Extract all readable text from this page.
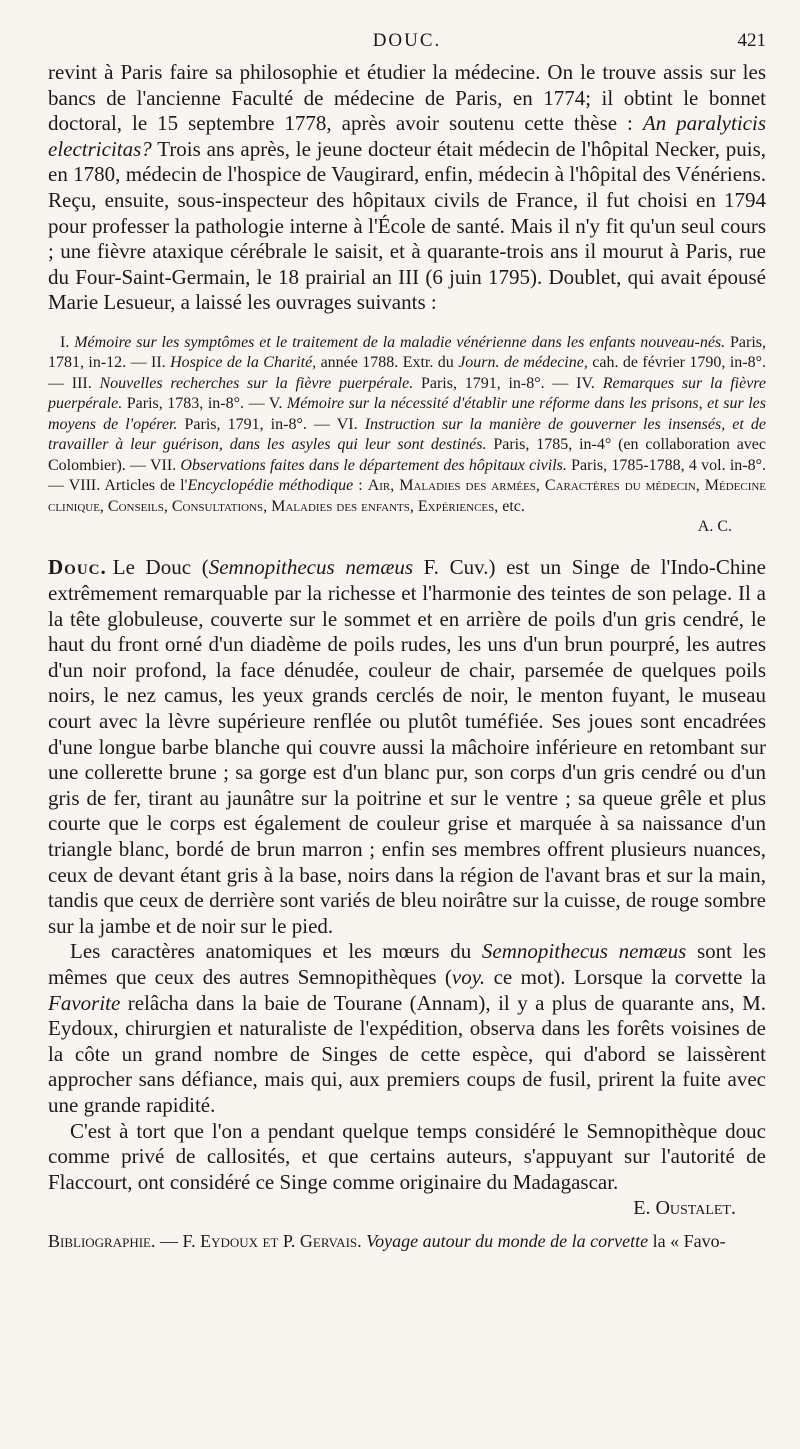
DOUC.	421

revint à Paris faire sa philosophie et étudier la médecine. On le trouve assis sur les bancs de l'ancienne Faculté de médecine de Paris, en 1774; il obtint le bonnet doctoral, le 15 septembre 1778, après avoir soutenu cette thèse : An paralyticis electricitas? Trois ans après, le jeune docteur était médecin de l'hôpital Necker, puis, en 1780, médecin de l'hospice de Vaugirard, enfin, médecin à l'hôpital des Vénériens. Reçu, ensuite, sous-inspecteur des hôpitaux civils de France, il fut choisi en 1794 pour professer la pathologie interne à l'École de santé. Mais il n'y fit qu'un seul cours ; une fièvre ataxique cérébrale le saisit, et à quarante-trois ans il mourut à Paris, rue du Four-Saint-Germain, le 18 prairial an III (6 juin 1795). Doublet, qui avait épousé Marie Lesueur, a laissé les ouvrages suivants :

I. Mémoire sur les symptômes et le traitement de la maladie vénérienne dans les enfants nouveau-nés. Paris, 1781, in-12. — II. Hospice de la Charité, année 1788. Extr. du Journ. de médecine, cah. de février 1790, in-8°. — III. Nouvelles recherches sur la fièvre puerpérale. Paris, 1791, in-8°. — IV. Remarques sur la fièvre puerpérale. Paris, 1783, in-8°. — V. Mémoire sur la nécessité d'établir une réforme dans les prisons, et sur les moyens de l'opérer. Paris, 1791, in-8°. — VI. Instruction sur la manière de gouverner les insensés, et de travailler à leur guérison, dans les asyles qui leur sont destinés. Paris, 1785, in-4° (en collaboration avec Colombier). — VII. Observations faites dans le département des hôpitaux civils. Paris, 1785-1788, 4 vol. in-8°. — VIII. Articles de l'Encyclopédie méthodique : Air, Maladies des armées, Caractères du médecin, Médecine clinique, Conseils, Consultations, Maladies des enfants, Expériences, etc.

A. C.

Douc. Le Douc (Semnopithecus nemæus F. Cuv.) est un Singe de l'Indo-Chine extrêmement remarquable par la richesse et l'harmonie des teintes de son pelage. Il a la tête globuleuse, couverte sur le sommet et en arrière de poils d'un gris cendré, le haut du front orné d'un diadème de poils rudes, les uns d'un brun pourpré, les autres d'un noir profond, la face dénudée, couleur de chair, parsemée de quelques poils noirs, le nez camus, les yeux grands cerclés de noir, le menton fuyant, le museau court avec la lèvre supérieure renflée ou plutôt tuméfiée. Ses joues sont encadrées d'une longue barbe blanche qui couvre aussi la mâchoire inférieure en retombant sur une collerette brune ; sa gorge est d'un blanc pur, son corps d'un gris cendré ou d'un gris de fer, tirant au jaunâtre sur la poitrine et sur le ventre ; sa queue grêle et plus courte que le corps est également de couleur grise et marquée à sa naissance d'un triangle blanc, bordé de brun marron ; enfin ses membres offrent plusieurs nuances, ceux de devant étant gris à la base, noirs dans la région de l'avant bras et sur la main, tandis que ceux de derrière sont variés de bleu noirâtre sur la cuisse, de rouge sombre sur la jambe et de noir sur le pied.

Les caractères anatomiques et les mœurs du Semnopithecus nemæus sont les mêmes que ceux des autres Semnopithèques (voy. ce mot). Lorsque la corvette la Favorite relâcha dans la baie de Tourane (Annam), il y a plus de quarante ans, M. Eydoux, chirurgien et naturaliste de l'expédition, observa dans les forêts voisines de la côte un grand nombre de Singes de cette espèce, qui d'abord se laissèrent approcher sans défiance, mais qui, aux premiers coups de fusil, prirent la fuite avec une grande rapidité.

C'est à tort que l'on a pendant quelque temps considéré le Semnopithèque douc comme privé de callosités, et que certains auteurs, s'appuyant sur l'autorité de Flaccourt, ont considéré ce Singe comme originaire du Madagascar.

E. Oustalet.

Bibliographie. — F. Eydoux et P. Gervais. Voyage autour du monde de la corvette la « Favo-
